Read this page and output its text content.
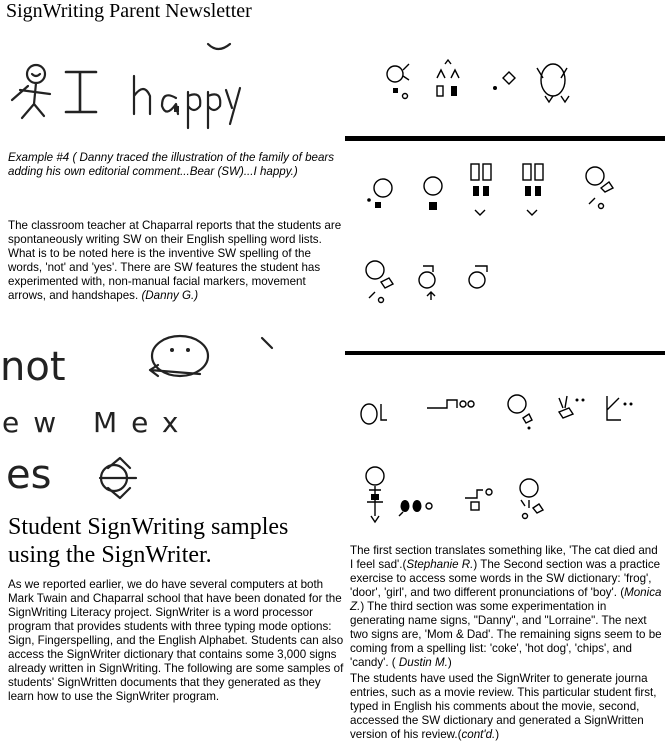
SignWriting Parent Newsletter
Example #4 ( Danny traced the illustration of the family of bears adding his own editorial comment...Bear (SW)...I happy.)
The classroom teacher at Chaparral reports that the students are spontaneously writing SW on their English spelling word lists. What is to be noted here is the inventive SW spelling of the words, 'not' and 'yes'. There are SW features the student has experimented with, non-manual facial markers, movement arrows, and handshapes. (Danny G.)
not
ew Mex
es
Student SignWriting samples using the SignWriter.
As we reported earlier, we do have several computers at both Mark Twain and Chaparral school that have been donated for the SignWriting Literacy project. SignWriter is a word processor program that provides students with three typing mode options: Sign, Fingerspelling, and the English Alphabet. Students can also access the SignWriter dictionary that contains some 3,000 signs already written in SignWriting. The following are some samples of students' SignWritten documents that they generated as they learn how to use the SignWriter program.
The first section translates something like, 'The cat died and I feel sad'.(Stephanie R.) The Second section was a practice exercise to access some words in the SW dictionary: 'frog', 'door', 'girl', and two different pronunciations of 'boy'. (Monica Z.) The third section was some experimentation in generating name signs, "Danny", and "Lorraine". The next two signs are, 'Mom & Dad'. The remaining signs seem to be coming from a spelling list: 'coke', 'hot dog', 'chips', and 'candy'. ( Dustin M.)
The students have used the SignWriter to generate journa entries, such as a movie review. This particular student first, typed in English his comments about the movie, second, accessed the SW dictionary and generated a SignWritten version of his review.(cont'd.)
